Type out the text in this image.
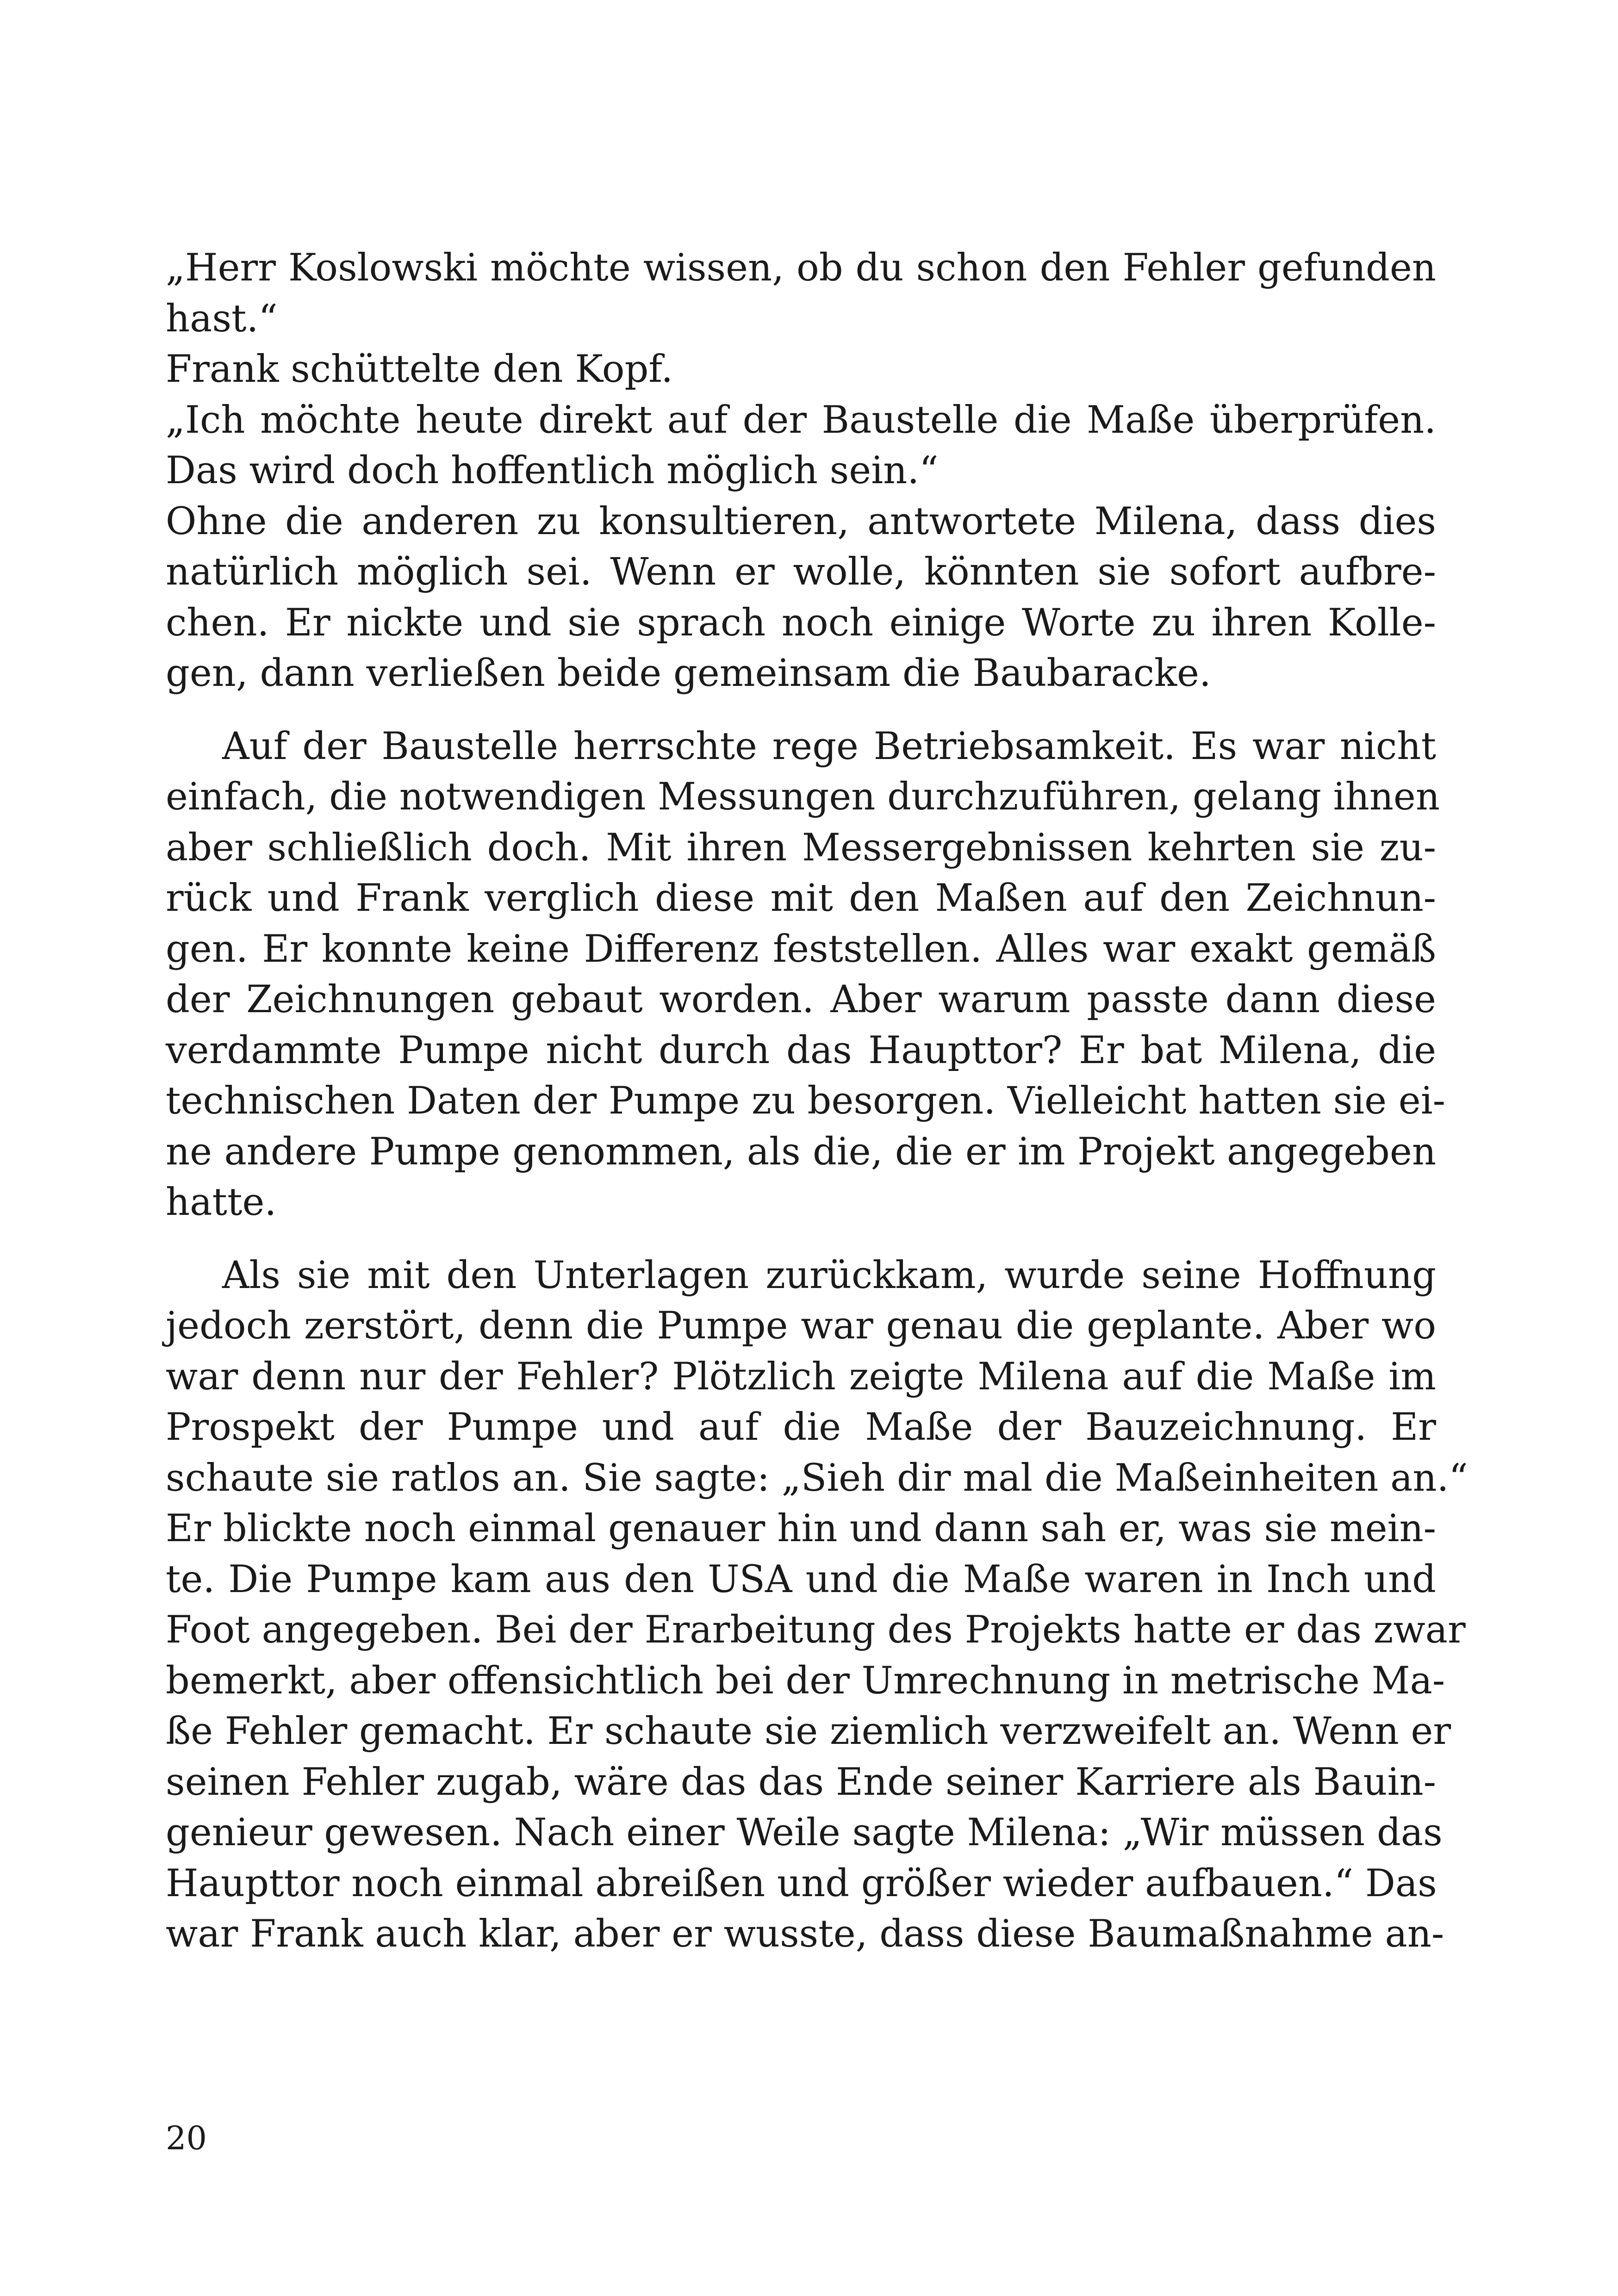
„Herr Koslowski möchte wissen, ob du schon den Fehler gefunden
hast.“
Frank schüttelte den Kopf.
„Ich möchte heute direkt auf der Baustelle die Maße überprüfen.
Das wird doch hoffentlich möglich sein.“
Ohne die anderen zu konsultieren, antwortete Milena, dass dies
natürlich möglich sei. Wenn er wolle, könnten sie sofort aufbre-
chen. Er nickte und sie sprach noch einige Worte zu ihren Kolle-
gen, dann verließen beide gemeinsam die Baubaracke.
Auf der Baustelle herrschte rege Betriebsamkeit. Es war nicht
einfach, die notwendigen Messungen durchzuführen, gelang ihnen
aber schließlich doch. Mit ihren Messergebnissen kehrten sie zu-
rück und Frank verglich diese mit den Maßen auf den Zeichnun-
gen. Er konnte keine Differenz feststellen. Alles war exakt gemäß
der Zeichnungen gebaut worden. Aber warum passte dann diese
verdammte Pumpe nicht durch das Haupttor? Er bat Milena, die
technischen Daten der Pumpe zu besorgen. Vielleicht hatten sie ei-
ne andere Pumpe genommen, als die, die er im Projekt angegeben
hatte.
Als sie mit den Unterlagen zurückkam, wurde seine Hoffnung
jedoch zerstört, denn die Pumpe war genau die geplante. Aber wo
war denn nur der Fehler? Plötzlich zeigte Milena auf die Maße im
Prospekt der Pumpe und auf die Maße der Bauzeichnung. Er
schaute sie ratlos an. Sie sagte: „Sieh dir mal die Maßeinheiten an.“
Er blickte noch einmal genauer hin und dann sah er, was sie mein-
te. Die Pumpe kam aus den USA und die Maße waren in Inch und
Foot angegeben. Bei der Erarbeitung des Projekts hatte er das zwar
bemerkt, aber offensichtlich bei der Umrechnung in metrische Ma-
ße Fehler gemacht. Er schaute sie ziemlich verzweifelt an. Wenn er
seinen Fehler zugab, wäre das das Ende seiner Karriere als Bauin-
genieur gewesen. Nach einer Weile sagte Milena: „Wir müssen das
Haupttor noch einmal abreißen und größer wieder aufbauen.“ Das
war Frank auch klar, aber er wusste, dass diese Baumaßnahme an-
20
